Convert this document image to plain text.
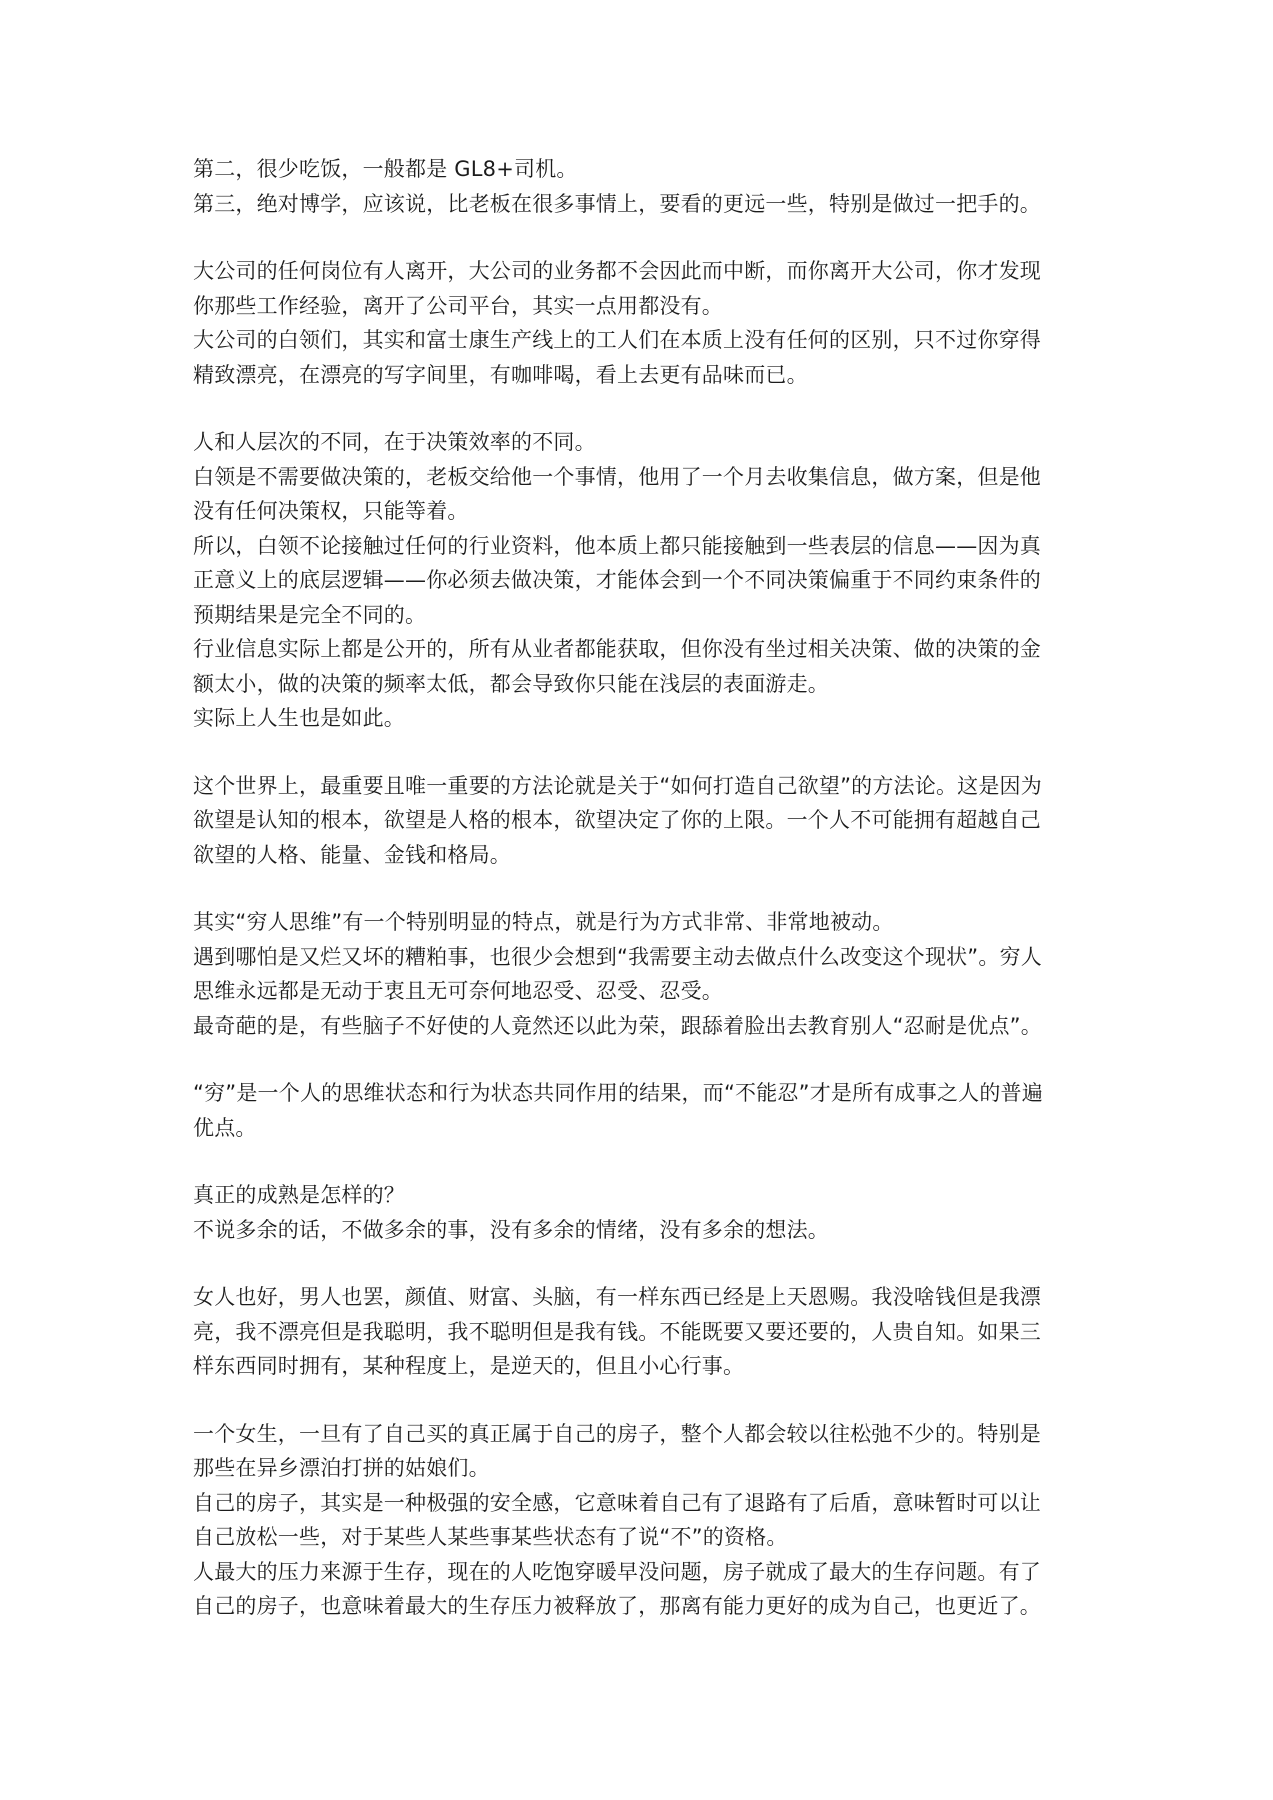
第二，很少吃饭，一般都是 GL8+司机。
第三，绝对博学，应该说，比老板在很多事情上，要看的更远一些，特别是做过一把手的。
大公司的任何岗位有人离开，大公司的业务都不会因此而中断，而你离开大公司，你才发现
你那些工作经验，离开了公司平台，其实一点用都没有。
大公司的白领们，其实和富士康生产线上的工人们在本质上没有任何的区别，只不过你穿得
精致漂亮，在漂亮的写字间里，有咖啡喝，看上去更有品味而已。
人和人层次的不同，在于决策效率的不同。
白领是不需要做决策的，老板交给他一个事情，他用了一个月去收集信息，做方案，但是他
没有任何决策权，只能等着。
所以，白领不论接触过任何的行业资料，他本质上都只能接触到一些表层的信息——因为真
正意义上的底层逻辑——你必须去做决策，才能体会到一个不同决策偏重于不同约束条件的
预期结果是完全不同的。
行业信息实际上都是公开的，所有从业者都能获取，但你没有坐过相关决策、做的决策的金
额太小，做的决策的频率太低，都会导致你只能在浅层的表面游走。
实际上人生也是如此。
这个世界上，最重要且唯一重要的方法论就是关于“如何打造自己欲望”的方法论。这是因为
欲望是认知的根本，欲望是人格的根本，欲望决定了你的上限。一个人不可能拥有超越自己
欲望的人格、能量、金钱和格局。
其实“穷人思维”有一个特别明显的特点，就是行为方式非常、非常地被动。
遇到哪怕是又烂又坏的糟粕事，也很少会想到“我需要主动去做点什么改变这个现状”。穷人
思维永远都是无动于衷且无可奈何地忍受、忍受、忍受。
最奇葩的是，有些脑子不好使的人竟然还以此为荣，跟舔着脸出去教育别人“忍耐是优点”。
“穷”是一个人的思维状态和行为状态共同作用的结果，而“不能忍”才是所有成事之人的普遍
优点。
真正的成熟是怎样的？
不说多余的话，不做多余的事，没有多余的情绪，没有多余的想法。
女人也好，男人也罢，颜值、财富、头脑，有一样东西已经是上天恩赐。我没啥钱但是我漂
亮，我不漂亮但是我聪明，我不聪明但是我有钱。不能既要又要还要的，人贵自知。如果三
样东西同时拥有，某种程度上，是逆天的，但且小心行事。
一个女生，一旦有了自己买的真正属于自己的房子，整个人都会较以往松弛不少的。特别是
那些在异乡漂泊打拼的姑娘们。
自己的房子，其实是一种极强的安全感，它意味着自己有了退路有了后盾，意味暂时可以让
自己放松一些，对于某些人某些事某些状态有了说“不”的资格。
人最大的压力来源于生存，现在的人吃饱穿暖早没问题，房子就成了最大的生存问题。有了
自己的房子，也意味着最大的生存压力被释放了，那离有能力更好的成为自己，也更近了。
